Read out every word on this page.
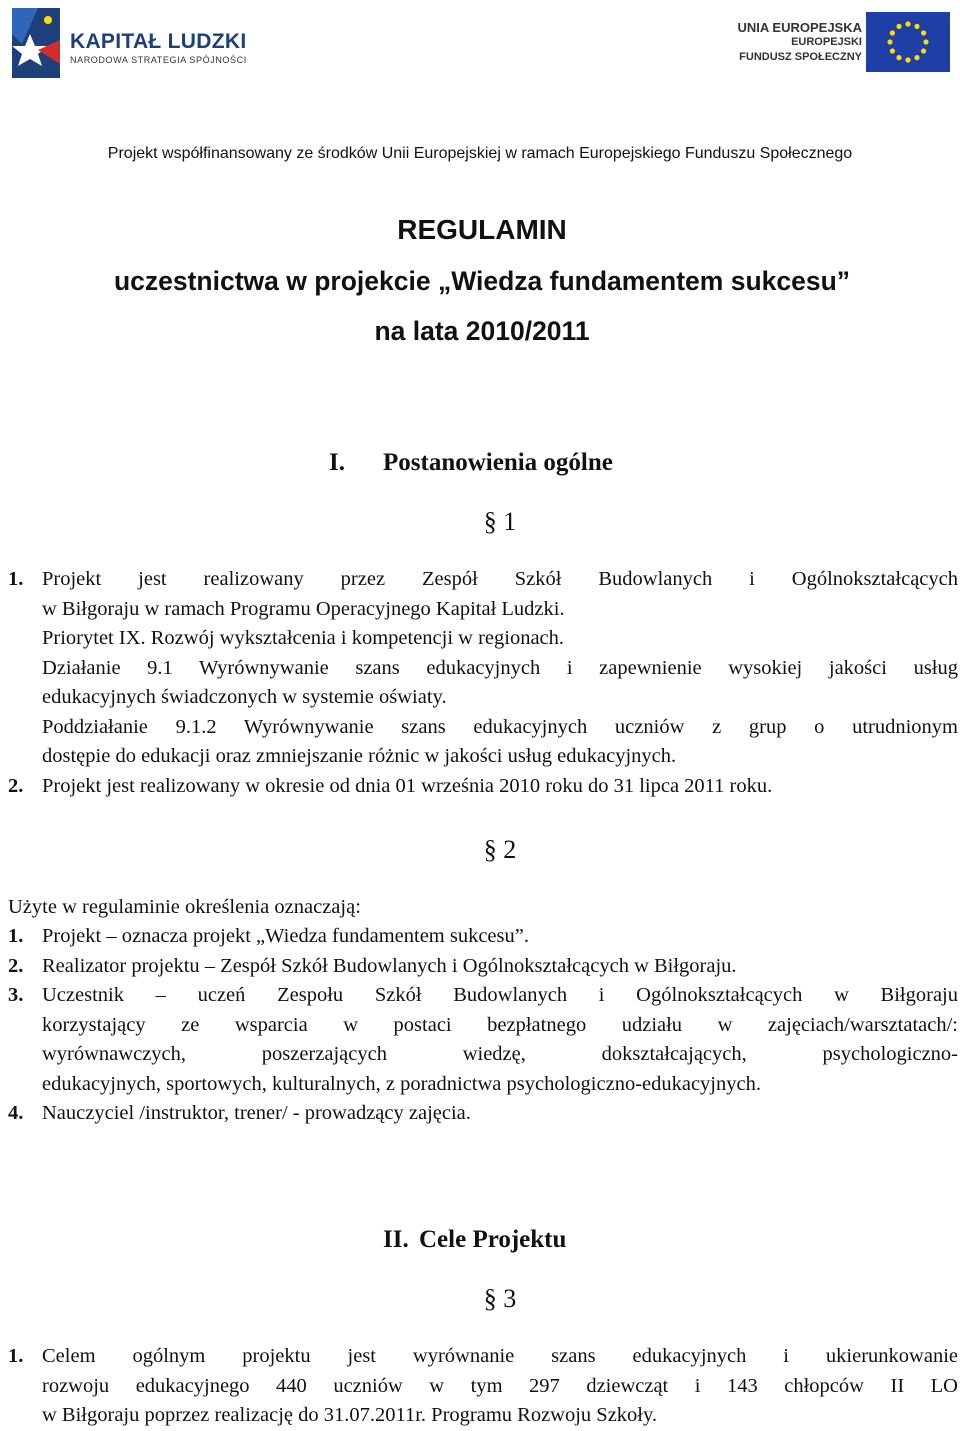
KAPITAŁ LUDZKI
NARODOWA STRATEGIA SPÓJNOŚCI
UNIA EUROPEJSKA
EUROPEJSKI
FUNDUSZ SPOŁECZNY
Projekt współfinansowany ze środków Unii Europejskiej w ramach Europejskiego Funduszu Społecznego
REGULAMIN
uczestnictwa w projekcie „Wiedza fundamentem sukcesu”
na lata 2010/2011
I. Postanowienia ogólne
§ 1
1. Projekt jest realizowany przez Zespół Szkół Budowlanych i Ogólnokształcących
w Biłgoraju w ramach Programu Operacyjnego Kapitał Ludzki.
Priorytet IX. Rozwój wykształcenia i kompetencji w regionach.
Działanie 9.1 Wyrównywanie szans edukacyjnych i zapewnienie wysokiej jakości usług
edukacyjnych świadczonych w systemie oświaty.
Poddziałanie 9.1.2 Wyrównywanie szans edukacyjnych uczniów z grup o utrudnionym
dostępie do edukacji oraz zmniejszanie różnic w jakości usług edukacyjnych.
2. Projekt jest realizowany w okresie od dnia 01 września 2010 roku do 31 lipca 2011 roku.
§ 2
Użyte w regulaminie określenia oznaczają:
1. Projekt – oznacza projekt „Wiedza fundamentem sukcesu”.
2. Realizator projektu – Zespół Szkół Budowlanych i Ogólnokształcących w Biłgoraju.
3. Uczestnik – uczeń Zespołu Szkół Budowlanych i Ogólnokształcących w Biłgoraju
korzystający ze wsparcia w postaci bezpłatnego udziału w zajęciach/warsztatach/:
wyrównawczych, poszerzających wiedzę, dokształcających, psychologiczno-
edukacyjnych, sportowych, kulturalnych, z poradnictwa psychologiczno-edukacyjnych.
4. Nauczyciel /instruktor, trener/ - prowadzący zajęcia.
II. Cele Projektu
§ 3
1. Celem ogólnym projektu jest wyrównanie szans edukacyjnych i ukierunkowanie
rozwoju edukacyjnego 440 uczniów w tym 297 dziewcząt i 143 chłopców II LO
w Biłgoraju poprzez realizację do 31.07.2011r. Programu Rozwoju Szkoły.
